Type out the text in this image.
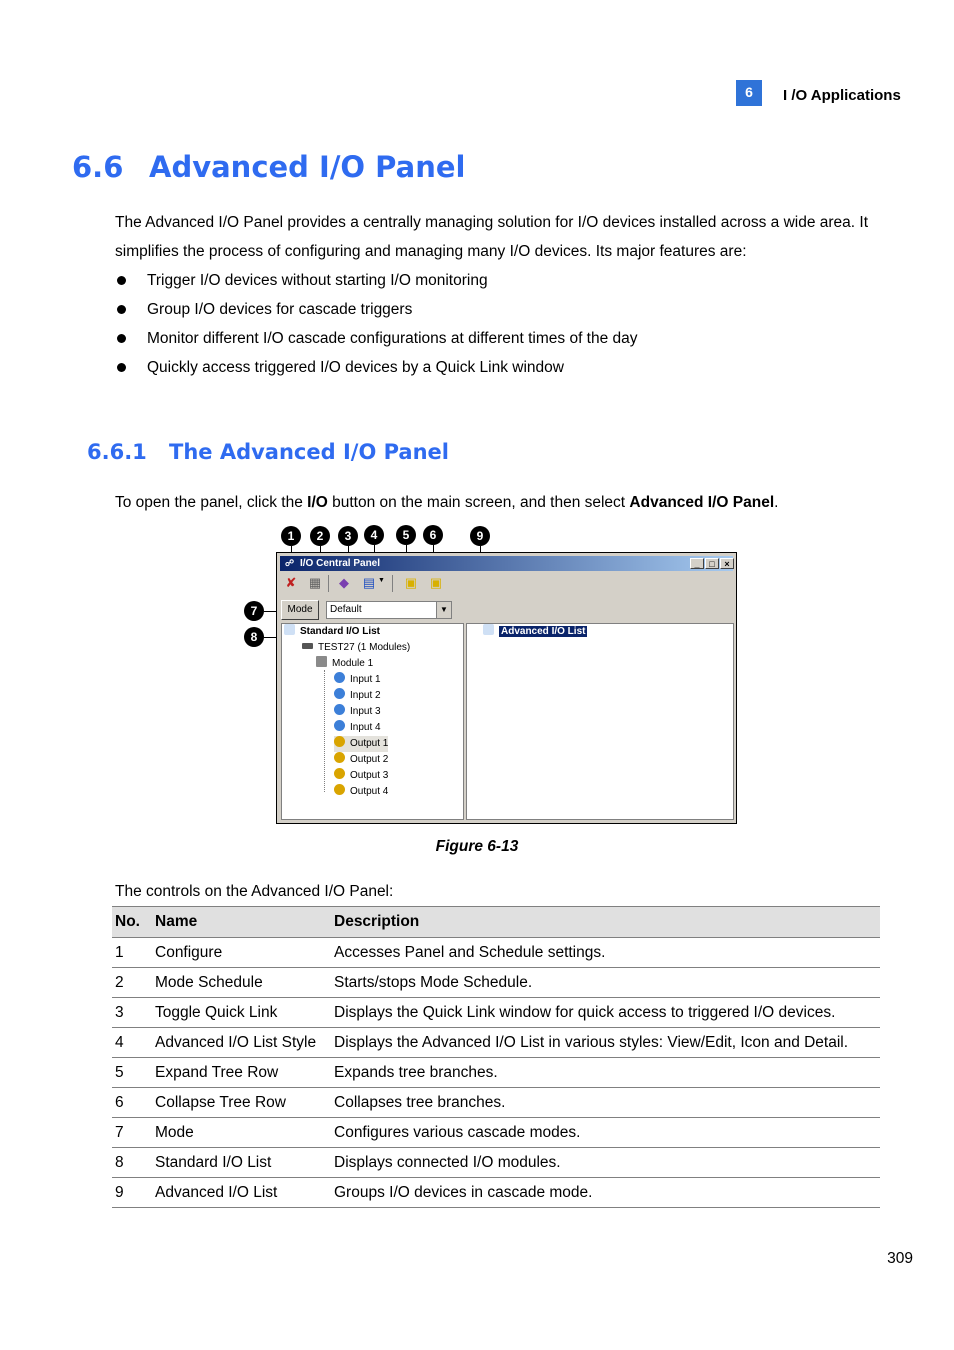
6	I /O Applications
6.6 Advanced I/O Panel
The Advanced I/O Panel provides a centrally managing solution for I/O devices installed across a wide area. It simplifies the process of configuring and managing many I/O devices. Its major features are:
Trigger I/O devices without starting I/O monitoring
Group I/O devices for cascade triggers
Monitor different I/O cascade configurations at different times of the day
Quickly access triggered I/O devices by a Quick Link window
6.6.1 The Advanced I/O Panel
To open the panel, click the I/O button on the main screen, and then select Advanced I/O Panel.
1	2	3	4	5	6	9
7
8
☍ I/O Central Panel	_	□	×
✘ ▦ ◆ ▤ ▼ ▣ ▣
Mode	Default	▼
Standard I/O List
TEST27 (1 Modules)
Module 1
Input 1
Input 2
Input 3
Input 4
Output 1
Output 2
Output 3
Output 4
Advanced I/O List
Figure 6-13
The controls on the Advanced I/O Panel:
No.	Name	Description
1	Configure	Accesses Panel and Schedule settings.
2	Mode Schedule	Starts/stops Mode Schedule.
3	Toggle Quick Link	Displays the Quick Link window for quick access to triggered I/O devices.
4	Advanced I/O List Style	Displays the Advanced I/O List in various styles: View/Edit, Icon and Detail.
5	Expand Tree Row	Expands tree branches.
6	Collapse Tree Row	Collapses tree branches.
7	Mode	Configures various cascade modes.
8	Standard I/O List	Displays connected I/O modules.
9	Advanced I/O List	Groups I/O devices in cascade mode.
309
